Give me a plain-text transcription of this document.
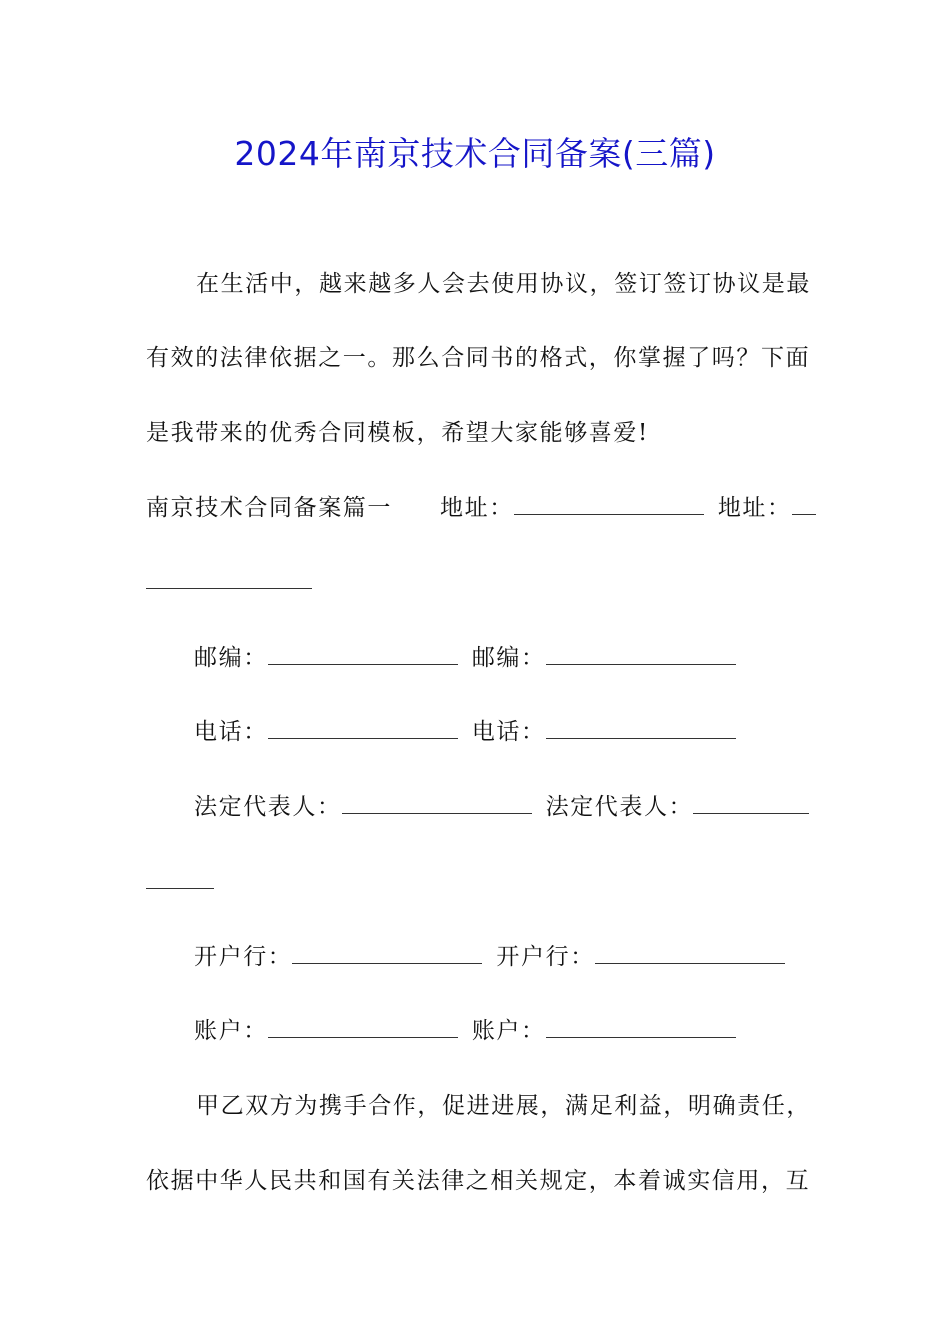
2024年南京技术合同备案(三篇)
在生活中，越来越多人会去使用协议，签订签订协议是最
有效的法律依据之一。那么合同书的格式，你掌握了吗？下面
是我带来的优秀合同模板，希望大家能够喜爱!
南京技术合同备案篇一 地址：	地址：
邮编：	邮编：
电话：	电话：
法定代表人：	法定代表人：
开户行：	开户行：
账户：	账户：
甲乙双方为携手合作，促进进展，满足利益，明确责任，
依据中华人民共和国有关法律之相关规定，本着诚实信用，互
